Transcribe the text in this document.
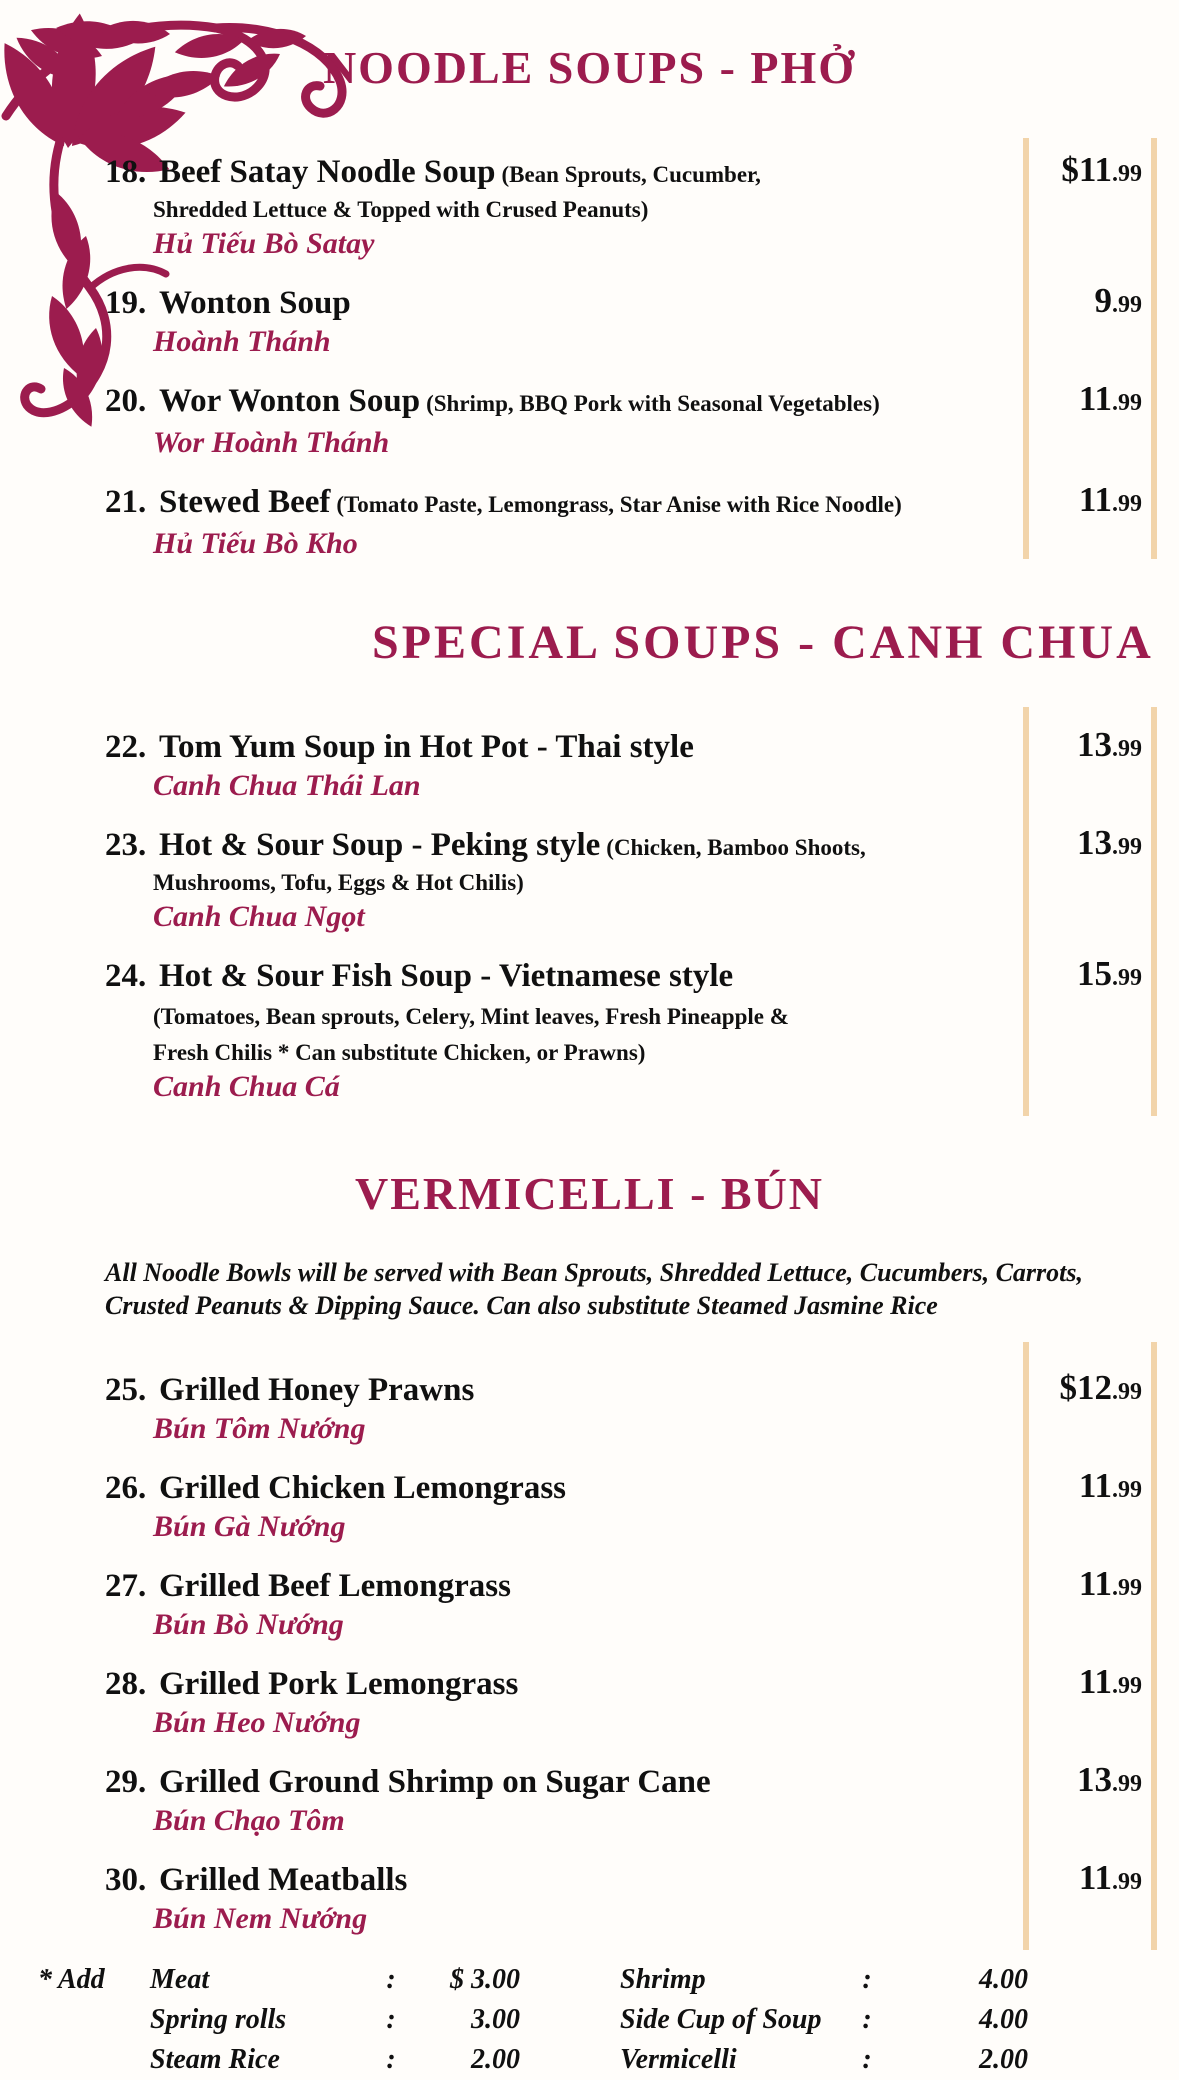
NOODLE SOUPS - PHỞ
18. Beef Satay Noodle Soup (Bean Sprouts, Cucumber,
Shredded Lettuce & Topped with Crused Peanuts)
Hủ Tiếu Bò Satay
$11.99
19. Wonton Soup
Hoành Thánh
9.99
20. Wor Wonton Soup (Shrimp, BBQ Pork with Seasonal Vegetables)
Wor Hoành Thánh
11.99
21. Stewed Beef (Tomato Paste, Lemongrass, Star Anise with Rice Noodle)
Hủ Tiếu Bò Kho
11.99
SPECIAL SOUPS - CANH CHUA
22. Tom Yum Soup in Hot Pot - Thai style
Canh Chua Thái Lan
13.99
23. Hot & Sour Soup - Peking style (Chicken, Bamboo Shoots,
Mushrooms, Tofu, Eggs & Hot Chilis)
Canh Chua Ngọt
13.99
24. Hot & Sour Fish Soup - Vietnamese style
(Tomatoes, Bean sprouts, Celery, Mint leaves, Fresh Pineapple &
Fresh Chilis * Can substitute Chicken, or Prawns)
Canh Chua Cá
15.99
VERMICELLI - BÚN
All Noodle Bowls will be served with Bean Sprouts, Shredded Lettuce, Cucumbers, Carrots, Crusted Peanuts & Dipping Sauce. Can also substitute Steamed Jasmine Rice
25. Grilled Honey Prawns
Bún Tôm Nướng
$12.99
26. Grilled Chicken Lemongrass
Bún Gà Nướng
11.99
27. Grilled Beef Lemongrass
Bún Bò Nướng
11.99
28. Grilled Pork Lemongrass
Bún Heo Nướng
11.99
29. Grilled Ground Shrimp on Sugar Cane
Bún Chạo Tôm
13.99
30. Grilled Meatballs
Bún Nem Nướng
11.99
* Add	Meat	:	$ 3.00	Shrimp	:	4.00
Spring rolls	:	3.00	Side Cup of Soup	:	4.00
Steam Rice	:	2.00	Vermicelli	:	2.00
